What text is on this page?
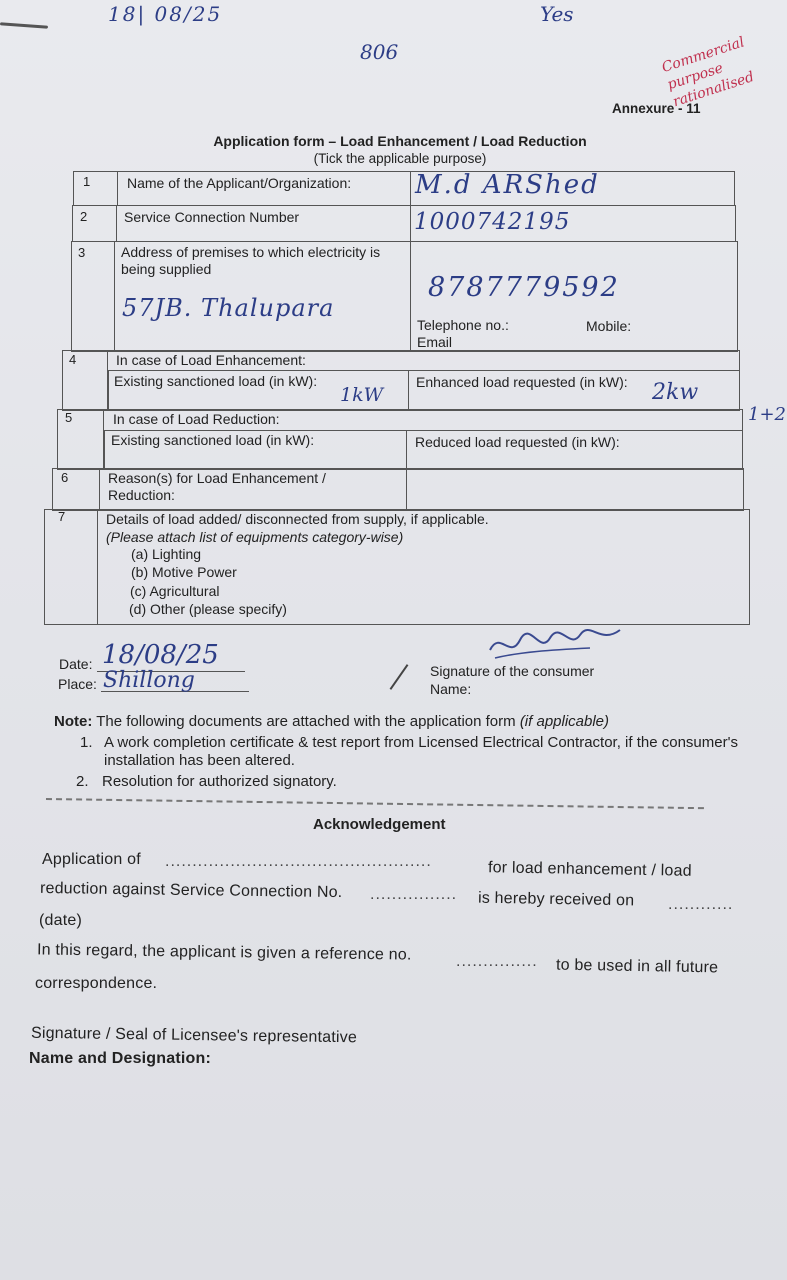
18| 08/25	Yes
806	Commercial purpose rationalised
Annexure - 11
Application form – Load Enhancement / Load Reduction
(Tick the applicable purpose)
1	Name of the Applicant/Organization: M.d ARShed
2	Service Connection Number	1000742195
3	Address of premises to which electricity is being supplied
57JB. Thalupara
8787779592
Telephone no.:	Mobile:
Email
4	In case of Load Enhancement:
Existing sanctioned load (in kW):	Enhanced load requested (in kW):
1kW	2kw
1+2
5	In case of Load Reduction:
Existing sanctioned load (in kW):	Reduced load requested (in kW):
6	Reason(s) for Load Enhancement / Reduction:
7	Details of load added/ disconnected from supply, if applicable.
(Please attach list of equipments category-wise)
(a) Lighting
(b) Motive Power
(c) Agricultural
(d) Other (please specify)
Date: 18/08/25
Place: Shillong	Signature of the consumer
Name:
Note: The following documents are attached with the application form (if applicable)
1. A work completion certificate & test report from Licensed Electrical Contractor, if the consumer's installation has been altered.
2. Resolution for authorized signatory.
Acknowledgement
Application of .................................................	for load enhancement / load
reduction against Service Connection No. ................ is hereby received on ............
(date)
In this regard, the applicant is given a reference no.	............... to be used in all future
correspondence.
Signature / Seal of Licensee's representative
Name and Designation:
